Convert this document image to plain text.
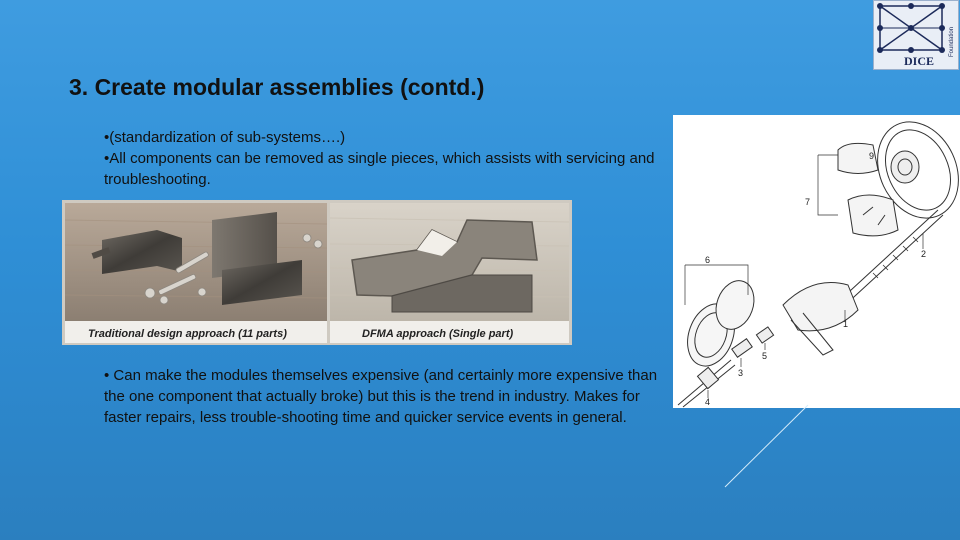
3. Create modular assemblies (contd.)

•(standardization of sub-systems….)

•All components can be removed as single pieces, which assists with servicing and troubleshooting.

Traditional design approach (11 parts)	DFMA approach (Single part)

• Can make the modules themselves expensive (and certainly more expensive than the one component that actually broke) but this is the trend in industry. Makes for faster repairs, less trouble-shooting time and quicker service events in general.

9
7
2
6
1
5
3
4
DICE
Foundation
